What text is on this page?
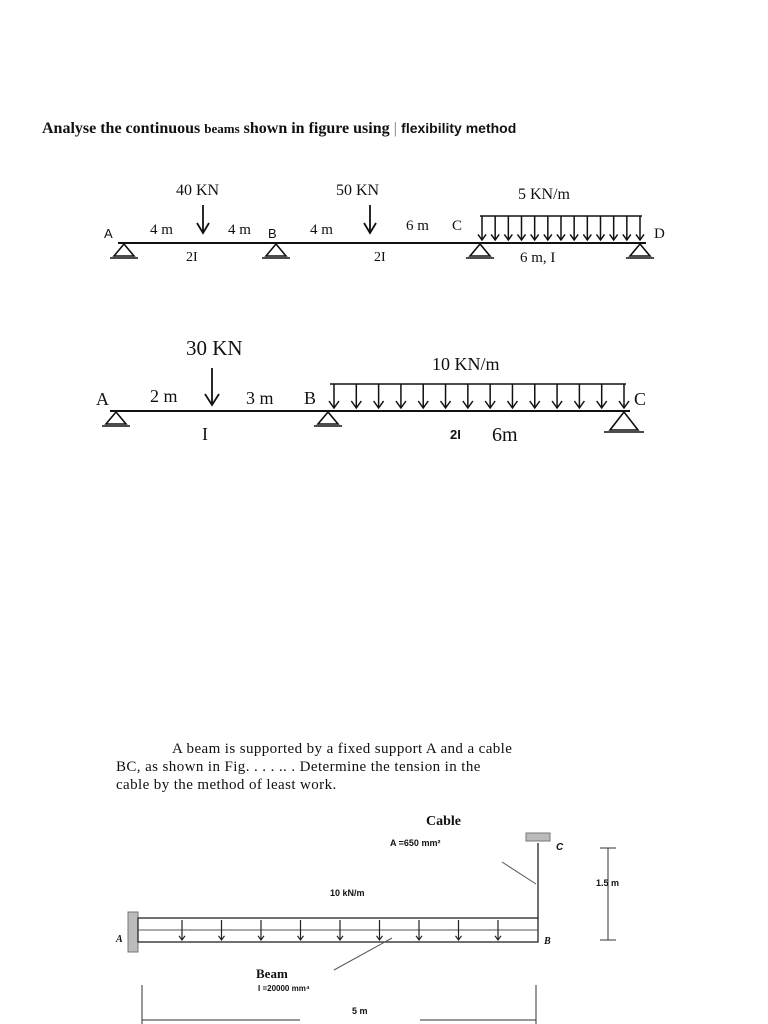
Analyse the continuous beams shown in figure using | flexibility method
40 KN	50 KN	5 KN/m
A 4 m	4 m B 4 m	6 m C	D
2I	2I	6 m, I
30 KN
10 KN/m
A 2 m	3 m B	C
I	2I 6m
A beam is supported by a fixed support A and a cable
BC, as shown in Fig. . . . .. . Determine the tension in the
cable by the method of least work.
Cable
A =650 mm²	C
1.5 m
10 kN/m
A	B
Beam
I =20000 mm⁴
5 m
